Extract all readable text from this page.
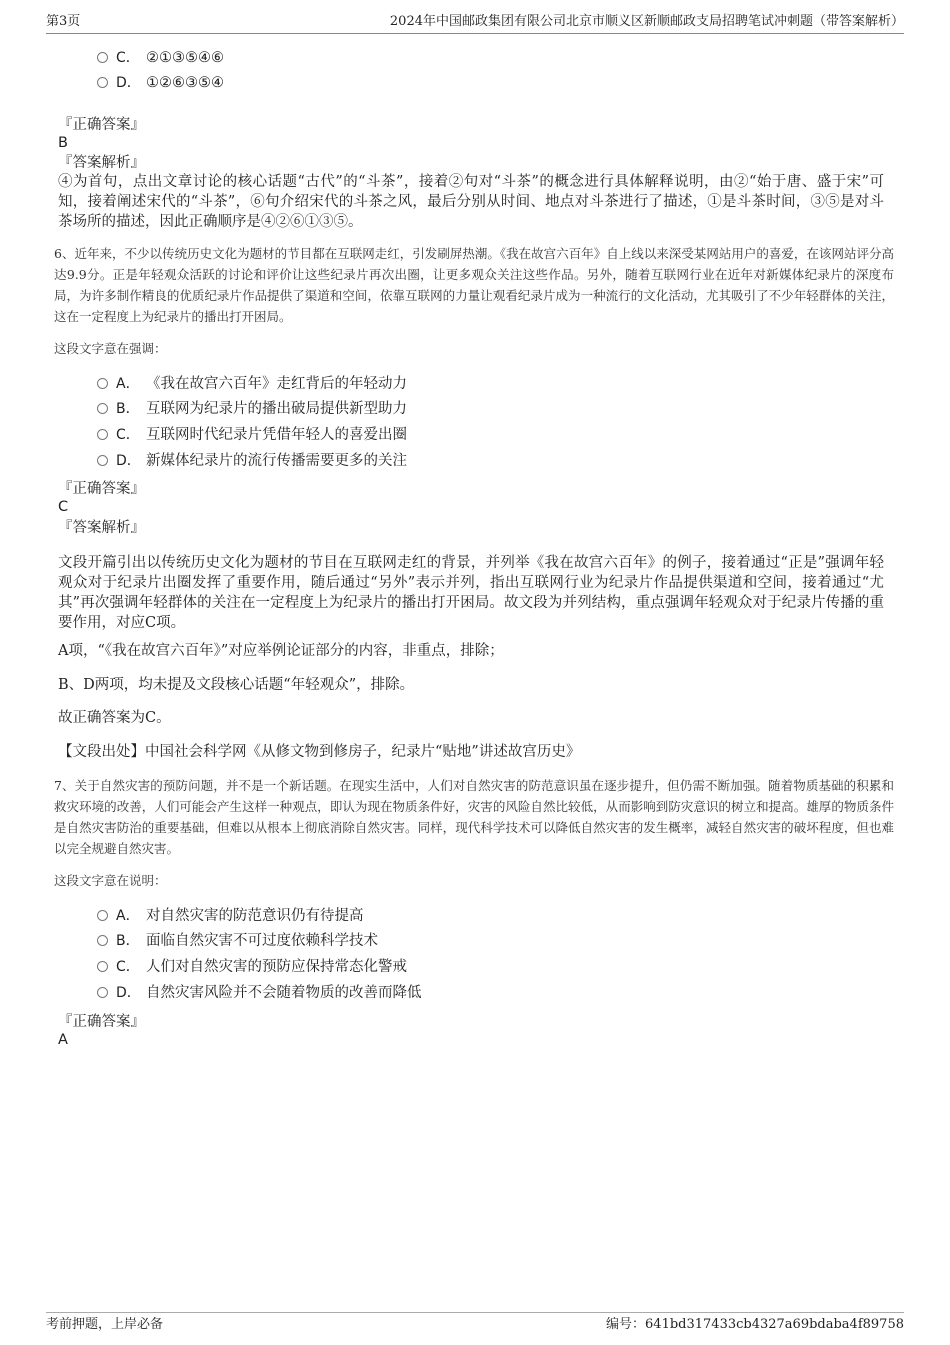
第3页	2024年中国邮政集团有限公司北京市顺义区新顺邮政支局招聘笔试冲刺题（带答案解析）
C． ②①③⑤④⑥
D． ①②⑥③⑤④
『正确答案』
B
『答案解析』
④为首句，点出文章讨论的核心话题“古代”的“斗茶”，接着②句对“斗茶”的概念进行具体解释说明，由②“始于唐、盛于宋”可知，接着阐述宋代的“斗茶”，⑥句介绍宋代的斗茶之风，最后分别从时间、地点对斗茶进行了描述，①是斗茶时间，③⑤是对斗茶场所的描述，因此正确顺序是④②⑥①③⑤。
6、近年来，不少以传统历史文化为题材的节目都在互联网走红，引发刷屏热潮。《我在故宫六百年》自上线以来深受某网站用户的喜爱，在该网站评分高达9.9分。正是年轻观众活跃的讨论和评价让这些纪录片再次出圈，让更多观众关注这些作品。另外，随着互联网行业在近年对新媒体纪录片的深度布局，为许多制作精良的优质纪录片作品提供了渠道和空间，依靠互联网的力量让观看纪录片成为一种流行的文化活动，尤其吸引了不少年轻群体的关注，这在一定程度上为纪录片的播出打开困局。
这段文字意在强调：
A． 《我在故宫六百年》走红背后的年轻动力
B． 互联网为纪录片的播出破局提供新型助力
C． 互联网时代纪录片凭借年轻人的喜爱出圈
D． 新媒体纪录片的流行传播需要更多的关注
『正确答案』
C
『答案解析』
文段开篇引出以传统历史文化为题材的节目在互联网走红的背景，并列举《我在故宫六百年》的例子，接着通过“正是”强调年轻观众对于纪录片出圈发挥了重要作用，随后通过“另外”表示并列，指出互联网行业为纪录片作品提供渠道和空间，接着通过“尤其”再次强调年轻群体的关注在一定程度上为纪录片的播出打开困局。故文段为并列结构，重点强调年轻观众对于纪录片传播的重要作用，对应C项。
A项，“《我在故宫六百年》”对应举例论证部分的内容，非重点，排除；
B、D两项，均未提及文段核心话题“年轻观众”，排除。
故正确答案为C。
【文段出处】中国社会科学网《从修文物到修房子，纪录片“贴地”讲述故宫历史》
7、关于自然灾害的预防问题，并不是一个新话题。在现实生活中，人们对自然灾害的防范意识虽在逐步提升，但仍需不断加强。随着物质基础的积累和救灾环境的改善，人们可能会产生这样一种观点，即认为现在物质条件好，灾害的风险自然比较低，从而影响到防灾意识的树立和提高。雄厚的物质条件是自然灾害防治的重要基础，但难以从根本上彻底消除自然灾害。同样，现代科学技术可以降低自然灾害的发生概率，减轻自然灾害的破坏程度，但也难以完全规避自然灾害。
这段文字意在说明：
A． 对自然灾害的防范意识仍有待提高
B． 面临自然灾害不可过度依赖科学技术
C． 人们对自然灾害的预防应保持常态化警戒
D． 自然灾害风险并不会随着物质的改善而降低
『正确答案』
A
考前押题，上岸必备	编号：641bd317433cb4327a69bdaba4f89758
